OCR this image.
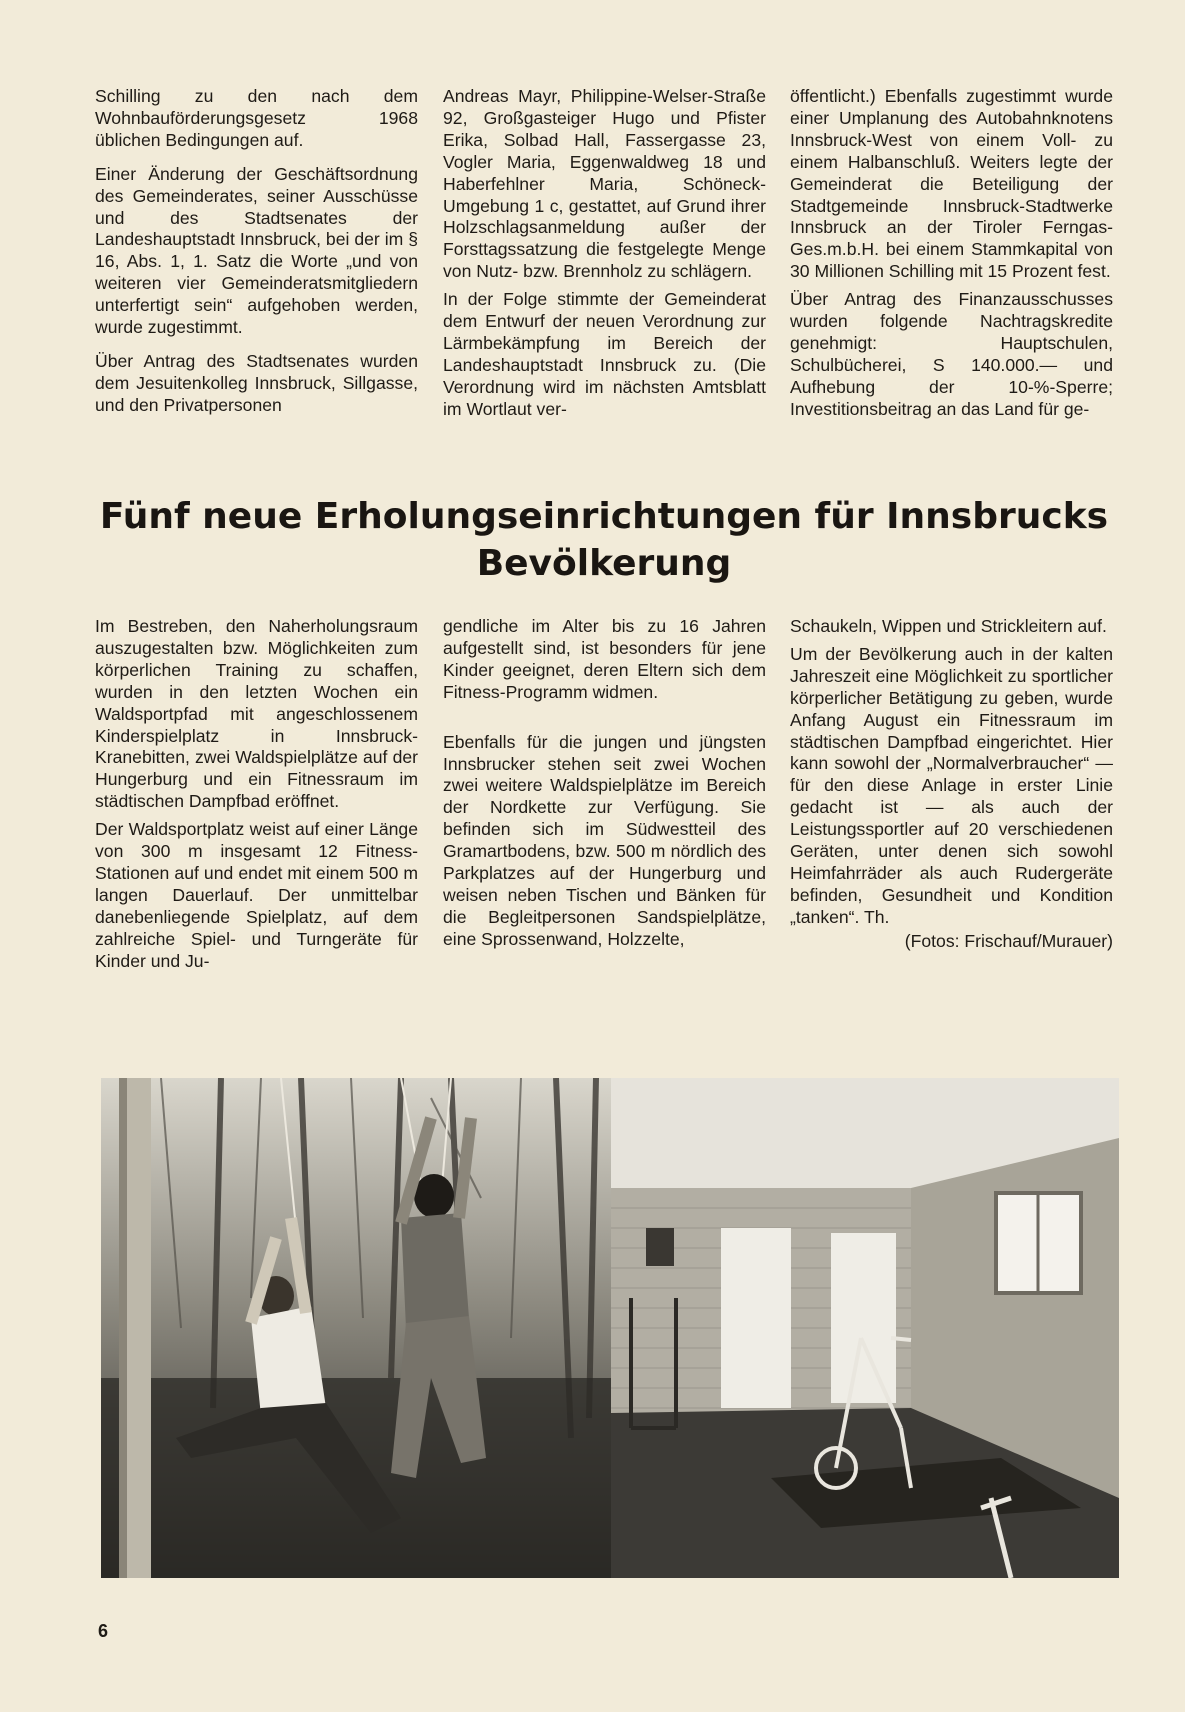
Schilling zu den nach dem Wohnbauförderungsgesetz 1968 üblichen Bedingungen auf.

Einer Änderung der Geschäftsordnung des Gemeinderates, seiner Ausschüsse und des Stadtsenates der Landeshauptstadt Innsbruck, bei der im § 16, Abs. 1, 1. Satz die Worte „und von weiteren vier Gemeinderatsmitgliedern unterfertigt sein“ aufgehoben werden, wurde zugestimmt.

Über Antrag des Stadtsenates wurden dem Jesuitenkolleg Innsbruck, Sillgasse, und den Privatpersonen

Andreas Mayr, Philippine-Welser-Straße 92, Großgasteiger Hugo und Pfister Erika, Solbad Hall, Fassergasse 23, Vogler Maria, Eggenwaldweg 18 und Haberfehlner Maria, Schöneck-Umgebung 1 c, gestattet, auf Grund ihrer Holzschlagsanmeldung außer der Forsttagssatzung die festgelegte Menge von Nutz- bzw. Brennholz zu schlägern.

In der Folge stimmte der Gemeinderat dem Entwurf der neuen Verordnung zur Lärmbekämpfung im Bereich der Landeshauptstadt Innsbruck zu. (Die Verordnung wird im nächsten Amtsblatt im Wortlaut ver-

öffentlicht.) Ebenfalls zugestimmt wurde einer Umplanung des Autobahnknotens Innsbruck-West von einem Voll- zu einem Halbanschluß. Weiters legte der Gemeinderat die Beteiligung der Stadtgemeinde Innsbruck-Stadtwerke Innsbruck an der Tiroler Ferngas-Ges.m.b.H. bei einem Stammkapital von 30 Millionen Schilling mit 15 Prozent fest.

Über Antrag des Finanzausschusses wurden folgende Nachtragskredite genehmigt: Hauptschulen, Schulbücherei, S 140.000.— und Aufhebung der 10-%-Sperre; Investitionsbeitrag an das Land für ge-

Fünf neue Erholungseinrichtungen für Innsbrucks Bevölkerung

Im Bestreben, den Naherholungsraum auszugestalten bzw. Möglichkeiten zum körperlichen Training zu schaffen, wurden in den letzten Wochen ein Waldsportpfad mit angeschlossenem Kinderspielplatz in Innsbruck-Kranebitten, zwei Waldspielplätze auf der Hungerburg und ein Fitnessraum im städtischen Dampfbad eröffnet.

Der Waldsportplatz weist auf einer Länge von 300 m insgesamt 12 Fitness-Stationen auf und endet mit einem 500 m langen Dauerlauf. Der unmittelbar danebenliegende Spielplatz, auf dem zahlreiche Spiel- und Turngeräte für Kinder und Ju-

gendliche im Alter bis zu 16 Jahren aufgestellt sind, ist besonders für jene Kinder geeignet, deren Eltern sich dem Fitness-Programm widmen.

Ebenfalls für die jungen und jüngsten Innsbrucker stehen seit zwei Wochen zwei weitere Waldspielplätze im Bereich der Nordkette zur Verfügung. Sie befinden sich im Südwestteil des Gramartbodens, bzw. 500 m nördlich des Parkplatzes auf der Hungerburg und weisen neben Tischen und Bänken für die Begleitpersonen Sandspielplätze, eine Sprossenwand, Holzzelte,

Schaukeln, Wippen und Strickleitern auf.

Um der Bevölkerung auch in der kalten Jahreszeit eine Möglichkeit zu sportlicher körperlicher Betätigung zu geben, wurde Anfang August ein Fitnessraum im städtischen Dampfbad eingerichtet. Hier kann sowohl der „Normalverbraucher“ — für den diese Anlage in erster Linie gedacht ist — als auch der Leistungssportler auf 20 verschiedenen Geräten, unter denen sich sowohl Heimfahrräder als auch Rudergeräte befinden, Gesundheit und Kondition „tanken“. Th.

(Fotos: Frischauf/Murauer)

6
